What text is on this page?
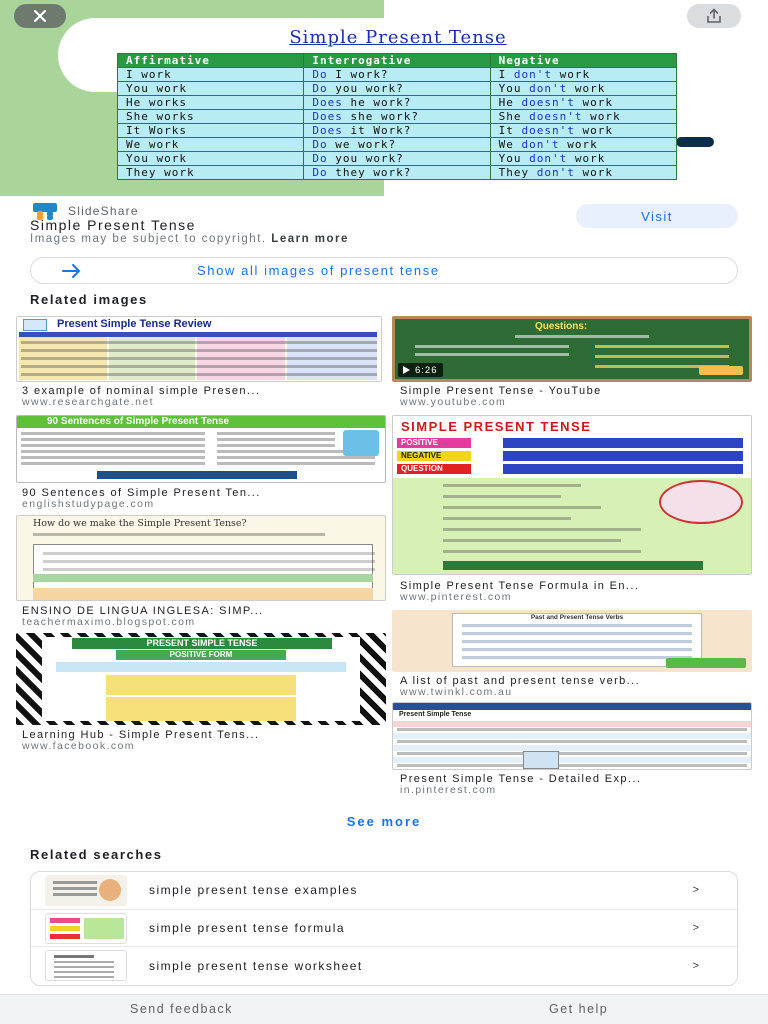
Simple Present Tense
Affirmative	Interrogative	Negative
I work	Do I work?	I don't work
You work	Do you work?	You don't work
He works	Does he work?	He doesn't work
She works	Does she work?	She doesn't work
It Works	Does it Work?	It doesn't work
We work	Do we work?	We don't work
You work	Do you work?	You don't work
They work	Do they work?	They don't work
SlideShare	Visit
Simple Present Tense
Images may be subject to copyright. Learn more
Show all images of present tense
Related images
Present Simple Tense Review
3 example of nominal simple Presen...
www.researchgate.net
Questions:
6:26
Simple Present Tense - YouTube
www.youtube.com
90 Sentences of Simple Present Tense
90 Sentences of Simple Present Ten...
englishstudypage.com
SIMPLE PRESENT TENSE
POSITIVE
NEGATIVE
QUESTION
Simple Present Tense Formula in En...
www.pinterest.com
How do we make the Simple Present Tense?
ENSINO DE LINGUA INGLESA: SIMP...
teachermaximo.blogspot.com	Past and Present Tense Verbs
A list of past and present tense verb...
www.twinkl.com.au
PRESENT SIMPLE TENSE
POSITIVE FORM
Learning Hub - Simple Present Tens...
www.facebook.com
Present Simple Tense
Present Simple Tense - Detailed Exp...
in.pinterest.com
See more
Related searches
simple present tense examples	>
simple present tense formula	>
simple present tense worksheet	>
Send feedback	Get help
